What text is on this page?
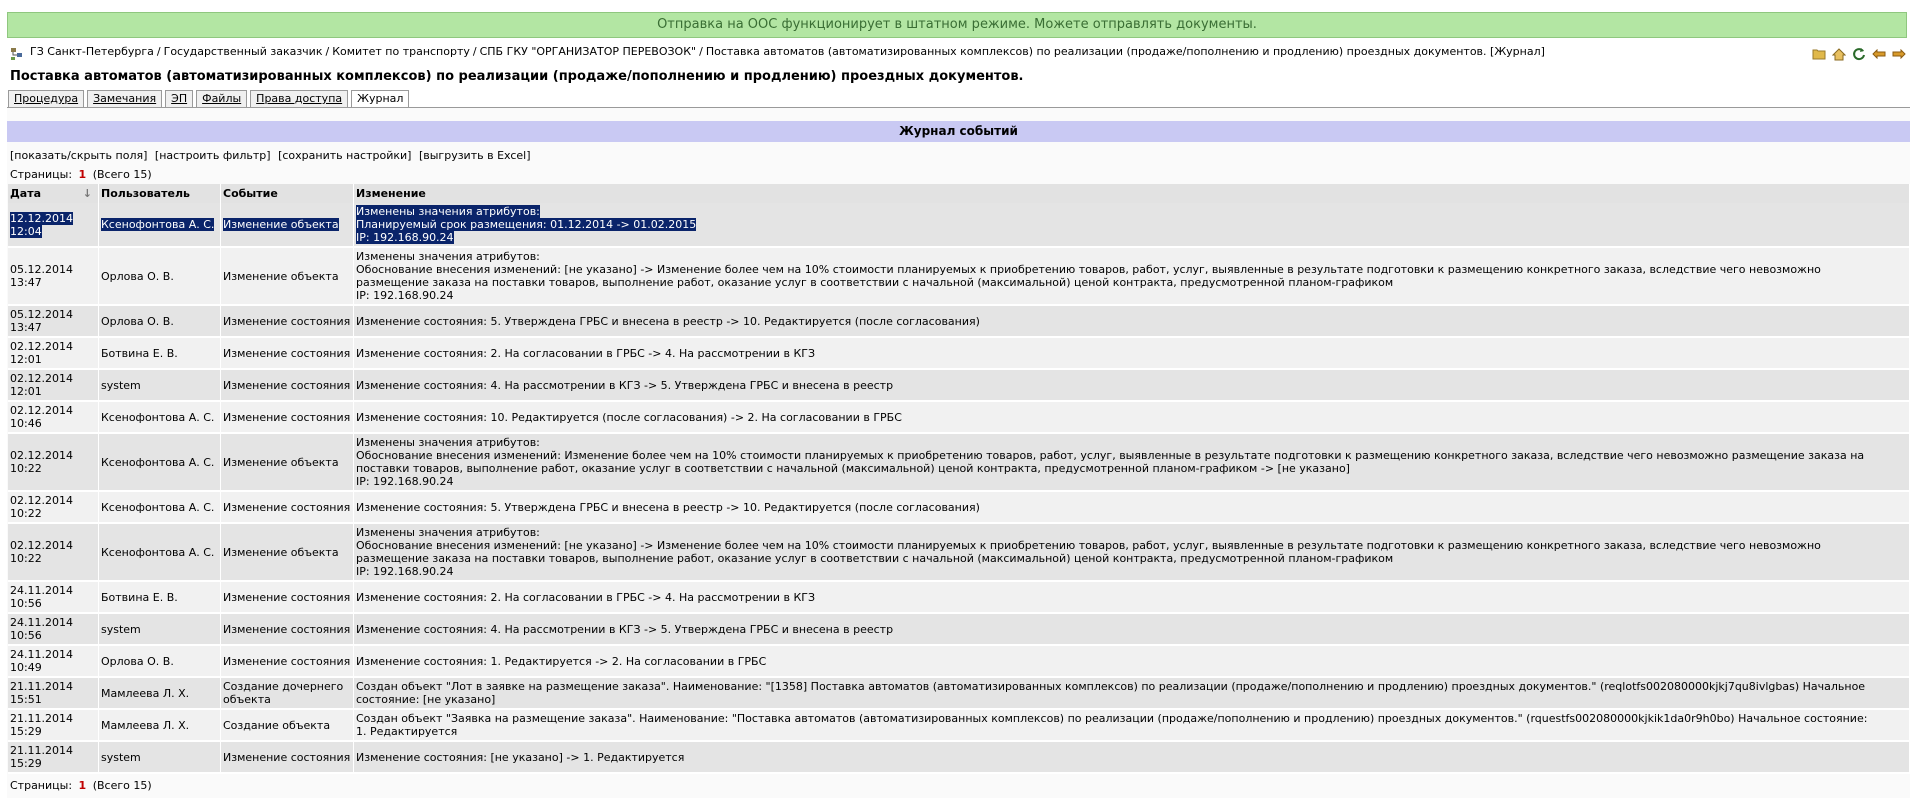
Отправка на ООС функционирует в штатном режиме. Можете отправлять документы.
ГЗ Санкт-Петербурга / Государственный заказчик / Комитет по транспорту / СПБ ГКУ "ОРГАНИЗАТОР ПЕРЕВОЗОК" / Поставка автоматов (автоматизированных комплексов) по реализации (продаже/пополнению и продлению) проездных документов. [Журнал]
Поставка автоматов (автоматизированных комплексов) по реализации (продаже/пополнению и продлению) проездных документов.
Процедура	Замечания	ЭП	Файлы	Права доступа	Журнал
Журнал событий
[показать/скрыть поля] [настроить фильтр] [сохранить настройки] [выгрузить в Excel]
Страницы: 1 (Всего 15)
Дата ↓	Пользователь	Событие	Изменение
12.12.2014
12:04	Ксенофонтова А. С.	Изменение объекта	Изменены значения атрибутов:
Планируемый срок размещения: 01.12.2014 -> 01.02.2015
IP: 192.168.90.24
05.12.2014
13:47	Орлова О. В.	Изменение объекта	Изменены значения атрибутов:
Обоснование внесения изменений: [не указано] -> Изменение более чем на 10% стоимости планируемых к приобретению товаров, работ, услуг, выявленные в результате подготовки к размещению конкретного заказа, вследствие чего невозможно
размещение заказа на поставки товаров, выполнение работ, оказание услуг в соответствии с начальной (максимальной) ценой контракта, предусмотренной планом-графиком
IP: 192.168.90.24
05.12.2014
13:47	Орлова О. В.	Изменение состояния	Изменение состояния: 5. Утверждена ГРБС и внесена в реестр -> 10. Редактируется (после согласования)
02.12.2014
12:01	Ботвина Е. В.	Изменение состояния	Изменение состояния: 2. На согласовании в ГРБС -> 4. На рассмотрении в КГЗ
02.12.2014
12:01	system	Изменение состояния	Изменение состояния: 4. На рассмотрении в КГЗ -> 5. Утверждена ГРБС и внесена в реестр
02.12.2014
10:46	Ксенофонтова А. С.	Изменение состояния	Изменение состояния: 10. Редактируется (после согласования) -> 2. На согласовании в ГРБС
02.12.2014
10:22	Ксенофонтова А. С.	Изменение объекта	Изменены значения атрибутов:
Обоснование внесения изменений: Изменение более чем на 10% стоимости планируемых к приобретению товаров, работ, услуг, выявленные в результате подготовки к размещению конкретного заказа, вследствие чего невозможно размещение заказа на
поставки товаров, выполнение работ, оказание услуг в соответствии с начальной (максимальной) ценой контракта, предусмотренной планом-графиком -> [не указано]
IP: 192.168.90.24
02.12.2014
10:22	Ксенофонтова А. С.	Изменение состояния	Изменение состояния: 5. Утверждена ГРБС и внесена в реестр -> 10. Редактируется (после согласования)
02.12.2014
10:22	Ксенофонтова А. С.	Изменение объекта	Изменены значения атрибутов:
Обоснование внесения изменений: [не указано] -> Изменение более чем на 10% стоимости планируемых к приобретению товаров, работ, услуг, выявленные в результате подготовки к размещению конкретного заказа, вследствие чего невозможно
размещение заказа на поставки товаров, выполнение работ, оказание услуг в соответствии с начальной (максимальной) ценой контракта, предусмотренной планом-графиком
IP: 192.168.90.24
24.11.2014
10:56	Ботвина Е. В.	Изменение состояния	Изменение состояния: 2. На согласовании в ГРБС -> 4. На рассмотрении в КГЗ
24.11.2014
10:56	system	Изменение состояния	Изменение состояния: 4. На рассмотрении в КГЗ -> 5. Утверждена ГРБС и внесена в реестр
24.11.2014
10:49	Орлова О. В.	Изменение состояния	Изменение состояния: 1. Редактируется -> 2. На согласовании в ГРБС
21.11.2014
15:51	Мамлеева Л. Х.	Создание дочернего
объекта	Создан объект "Лот в заявке на размещение заказа". Наименование: "[1358] Поставка автоматов (автоматизированных комплексов) по реализации (продаже/пополнению и продлению) проездных документов." (reqlotfs002080000kjkj7qu8ivlgbas) Начальное
состояние: [не указано]
21.11.2014
15:29	Мамлеева Л. Х.	Создание объекта	Создан объект "Заявка на размещение заказа". Наименование: "Поставка автоматов (автоматизированных комплексов) по реализации (продаже/пополнению и продлению) проездных документов." (rquestfs002080000kjkik1da0r9h0bo) Начальное состояние:
1. Редактируется
21.11.2014
15:29	system	Изменение состояния	Изменение состояния: [не указано] -> 1. Редактируется
Страницы: 1 (Всего 15)
